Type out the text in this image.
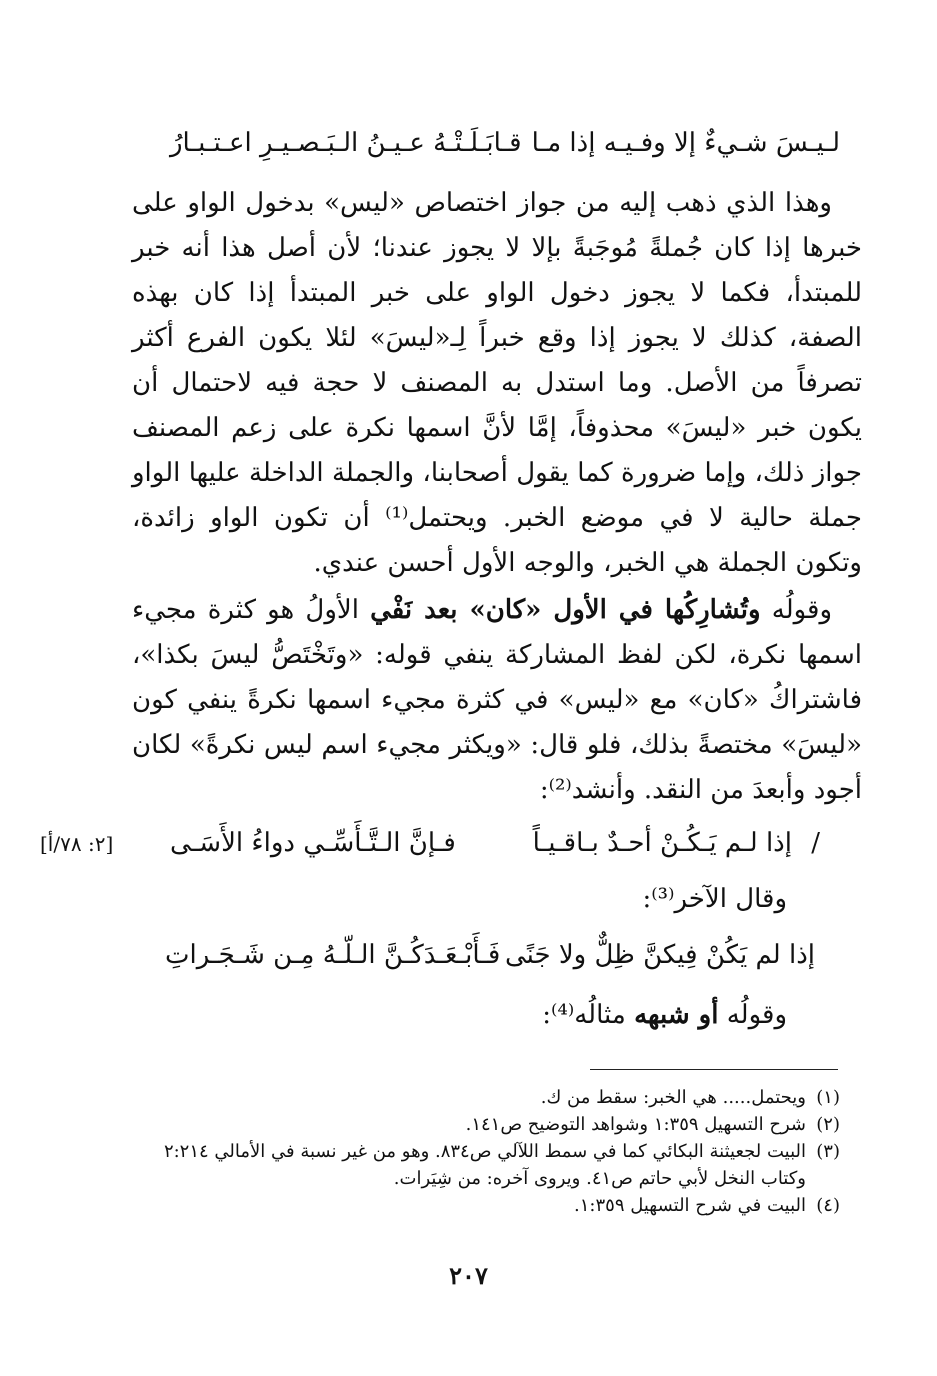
لـيـسَ شـيءٌ إلا وفـيـه إذا مـا
قـابَـلَـتْـهُ عـيـنُ الـبَـصـيـرِ اعـتـبـارُ

وهذا الذي ذهب إليه من جواز اختصاص «ليس» بدخول الواو على خبرها إذا كان جُملةً مُوجَبةً بإلا لا يجوز عندنا؛ لأن أصل هذا أنه خبر للمبتدأ، فكما لا يجوز دخول الواو على خبر المبتدأ إذا كان بهذه الصفة، كذلك لا يجوز إذا وقع خبراً لِـ«ليسَ» لئلا يكون الفرع أكثر تصرفاً من الأصل. وما استدل به المصنف لا حجة فيه لاحتمال أن يكون خبر «ليسَ» محذوفاً، إمَّا لأنَّ اسمها نكرة على زعم المصنف جواز ذلك، وإما ضرورة كما يقول أصحابنا، والجملة الداخلة عليها الواو جملة حالية لا في موضع الخبر. ويحتمل⁽¹⁾ أن تكون الواو زائدة، وتكون الجملة هي الخبر، والوجه الأول أحسن عندي.

وقولُه وتُشارِكُها في الأول «كان» بعد نَفْي الأولُ هو كثرة مجيء اسمها نكرة، لكن لفظ المشاركة ينفي قوله: «وتَخْتَصُّ ليسَ بكذا»، فاشتراكُ «كان» مع «ليس» في كثرة مجيء اسمها نكرةً ينفي كون «ليسَ» مختصةً بذلك، فلو قال: «ويكثر مجيء اسم ليس نكرةً» لكان أجود وأبعدَ من النقد. وأنشد⁽²⁾:

/
إذا لـم يَـكُـنْ أحـدٌ بـاقـيـاً
فـإنَّ الـتَّـأَسِّـي دواءُ الأَسَـى
[٢: ٧٨/أ]
وقال الآخر⁽³⁾:
إذا لم يَكُنْ فِيكنَّ ظِلٌّ ولا جَنًى
فَـأَبْـعَـدَكُـنَّ الـلّـهُ مِـن شَـجَـراتِ
وقولُه أو شبهه مثالُه⁽⁴⁾:
(١)
ويحتمل..... هي الخبر: سقط من ك.
(٢)
شرح التسهيل ١:٣٥٩ وشواهد التوضيح ص١٤١.
(٣)
البيت لجعيثنة البكائي كما في سمط اللآلي ص٨٣٤. وهو من غير نسبة في الأمالي ٢:٢١٤ وكتاب النخل لأبي حاتم ص٤١. ويروى آخره: من شِيَرات.
(٤)
البيت في شرح التسهيل ١:٣٥٩.
٢٠٧
